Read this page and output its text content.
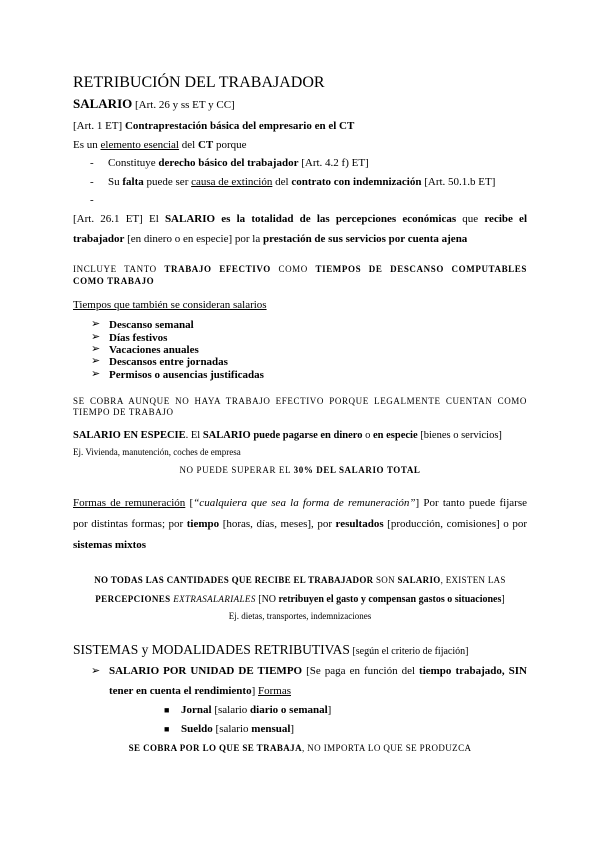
RETRIBUCIÓN DEL TRABAJADOR
SALARIO [Art. 26 y ss ET y CC]
[Art. 1 ET] Contraprestación básica del empresario en el CT
Es un elemento esencial del CT porque
- Constituye derecho básico del trabajador [Art. 4.2 f) ET]
- Su falta puede ser causa de extinción del contrato con indemnización [Art. 50.1.b ET]
-
[Art. 26.1 ET] El SALARIO es la totalidad de las percepciones económicas que recibe el
trabajador [en dinero o en especie] por la prestación de sus servicios por cuenta ajena
INCLUYE TANTO TRABAJO EFECTIVO COMO TIEMPOS DE DESCANSO COMPUTABLES
COMO TRABAJO
Tiempos que también se consideran salarios
➢ Descanso semanal
➢ Días festivos
➢ Vacaciones anuales
➢ Descansos entre jornadas
➢ Permisos o ausencias justificadas
SE COBRA AUNQUE NO HAYA TRABAJO EFECTIVO PORQUE LEGALMENTE CUENTAN COMO
TIEMPO DE TRABAJO
SALARIO EN ESPECIE. El SALARIO puede pagarse en dinero o en especie [bienes o servicios]
Ej. Vivienda, manutención, coches de empresa
NO PUEDE SUPERAR EL 30% DEL SALARIO TOTAL
Formas de remuneración [“cualquiera que sea la forma de remuneración”] Por tanto puede fijarse
por distintas formas; por tiempo [horas, días, meses], por resultados [producción, comisiones] o por
sistemas mixtos
NO TODAS LAS CANTIDADES QUE RECIBE EL TRABAJADOR SON SALARIO, EXISTEN LAS
PERCEPCIONES EXTRASALARIALES [NO retribuyen el gasto y compensan gastos o situaciones]
Ej. dietas, transportes, indemnizaciones
SISTEMAS y MODALIDADES RETRIBUTIVAS [según el criterio de fijación]
➢ SALARIO POR UNIDAD DE TIEMPO [Se paga en función del tiempo trabajado, SIN
tener en cuenta el rendimiento] Formas
■ Jornal [salario diario o semanal]
■ Sueldo [salario mensual]
SE COBRA POR LO QUE SE TRABAJA, NO IMPORTA LO QUE SE PRODUZCA
